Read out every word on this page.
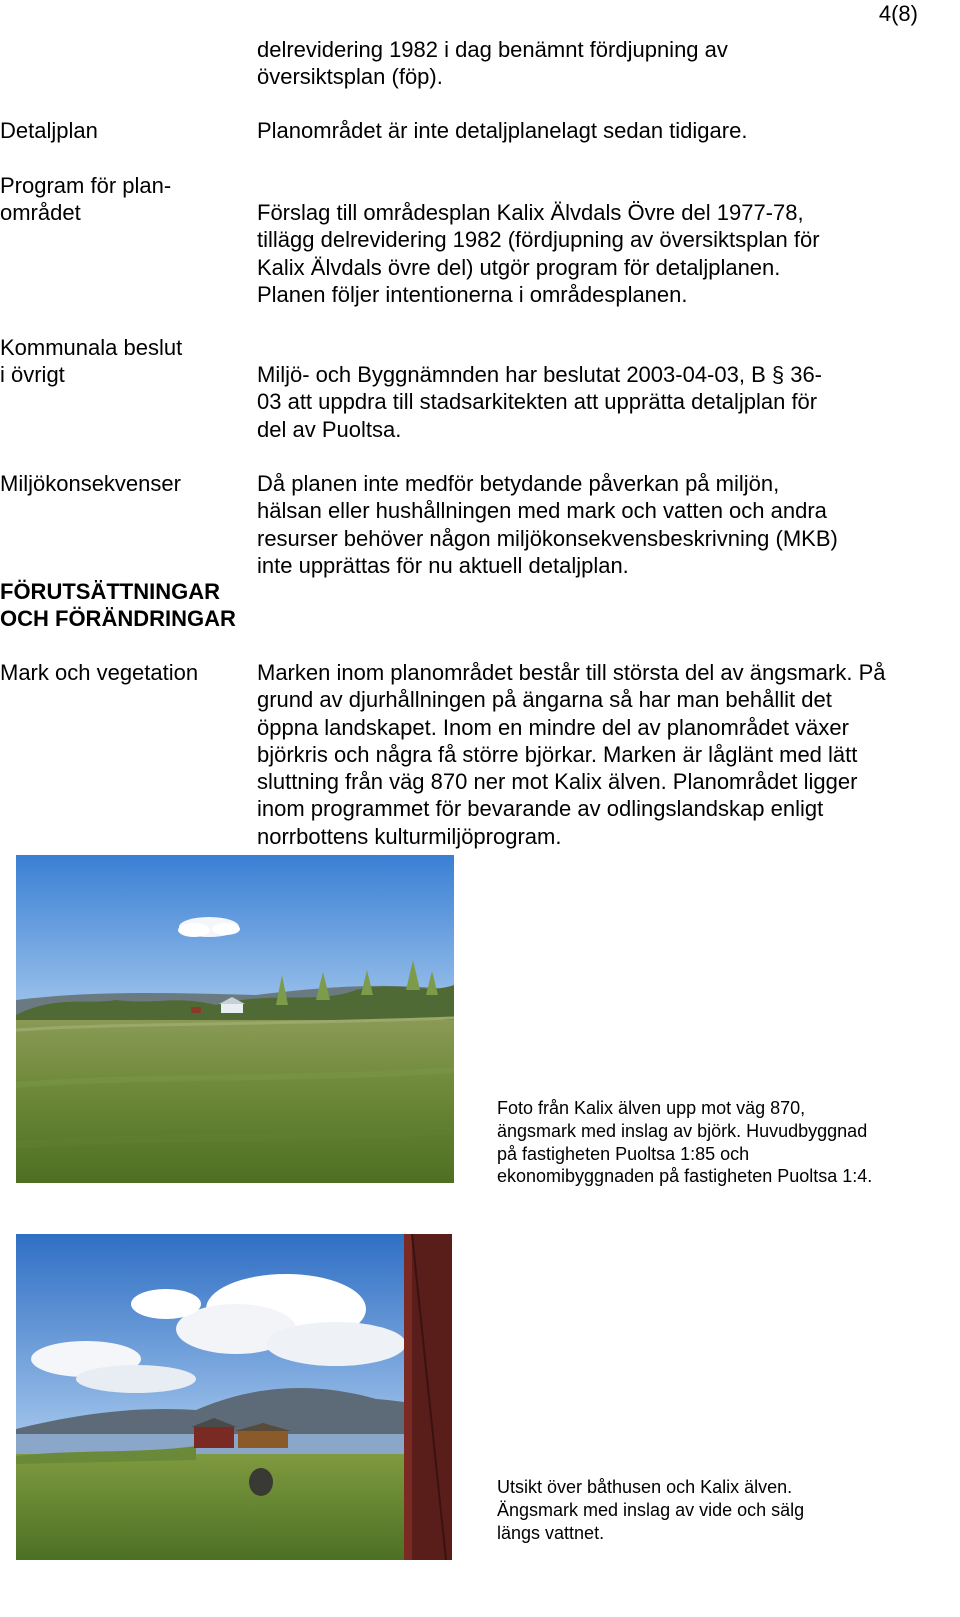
4(8)
delrevidering 1982 i dag benämnt fördjupning av
översiktsplan (föp).
Detaljplan	Planområdet är inte detaljplanelagt sedan tidigare.
Program för plan-
området	Förslag till områdesplan Kalix Älvdals Övre del 1977-78,
tillägg delrevidering 1982 (fördjupning av översiktsplan för
Kalix Älvdals övre del) utgör program för detaljplanen.
Planen följer intentionerna i områdesplanen.
Kommunala beslut
i övrigt	Miljö- och Byggnämnden har beslutat 2003-04-03, B § 36-
03 att uppdra till stadsarkitekten att upprätta detaljplan för
del av Puoltsa.
Miljökonsekvenser	Då planen inte medför betydande påverkan på miljön,
hälsan eller hushållningen med mark och vatten och andra
resurser behöver någon miljökonsekvensbeskrivning (MKB)
inte upprättas för nu aktuell detaljplan.
FÖRUTSÄTTNINGAR
OCH FÖRÄNDRINGAR
Mark och vegetation	Marken inom planområdet består till största del av ängsmark. På
grund av djurhållningen på ängarna så har man behållit det
öppna landskapet. Inom en mindre del av planområdet växer
björkris och några få större björkar. Marken är låglänt med lätt
sluttning från väg 870 ner mot Kalix älven. Planområdet ligger
inom programmet för bevarande av odlingslandskap enligt
norrbottens kulturmiljöprogram.
Foto från Kalix älven upp mot väg 870,
ängsmark med inslag av björk. Huvudbyggnad
på fastigheten Puoltsa 1:85 och
ekonomibyggnaden på fastigheten Puoltsa 1:4.
Utsikt över båthusen och Kalix älven.
Ängsmark med inslag av vide och sälg
längs vattnet.
